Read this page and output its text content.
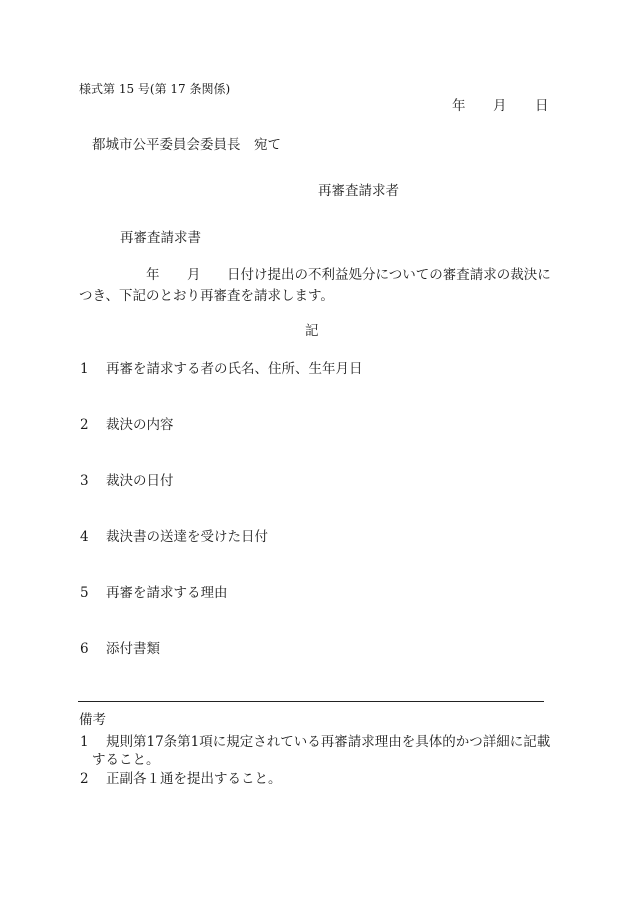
様式第 15 号(第 17 条関係)
年 月 日
都城市公平委員会委員長　宛て
再審査請求者
再審査請求書
年 月 日付け提出の不利益処分についての審査請求の裁決に
つき、下記のとおり再審査を請求します。
記
1 再審を請求する者の氏名、住所、生年月日
2 裁決の内容
3 裁決の日付
4 裁決書の送達を受けた日付
5 再審を請求する理由
6 添付書類
備考
1 規則第17条第1項に規定されている再審請求理由を具体的かつ詳細に記載
すること。
2 正副各１通を提出すること。
